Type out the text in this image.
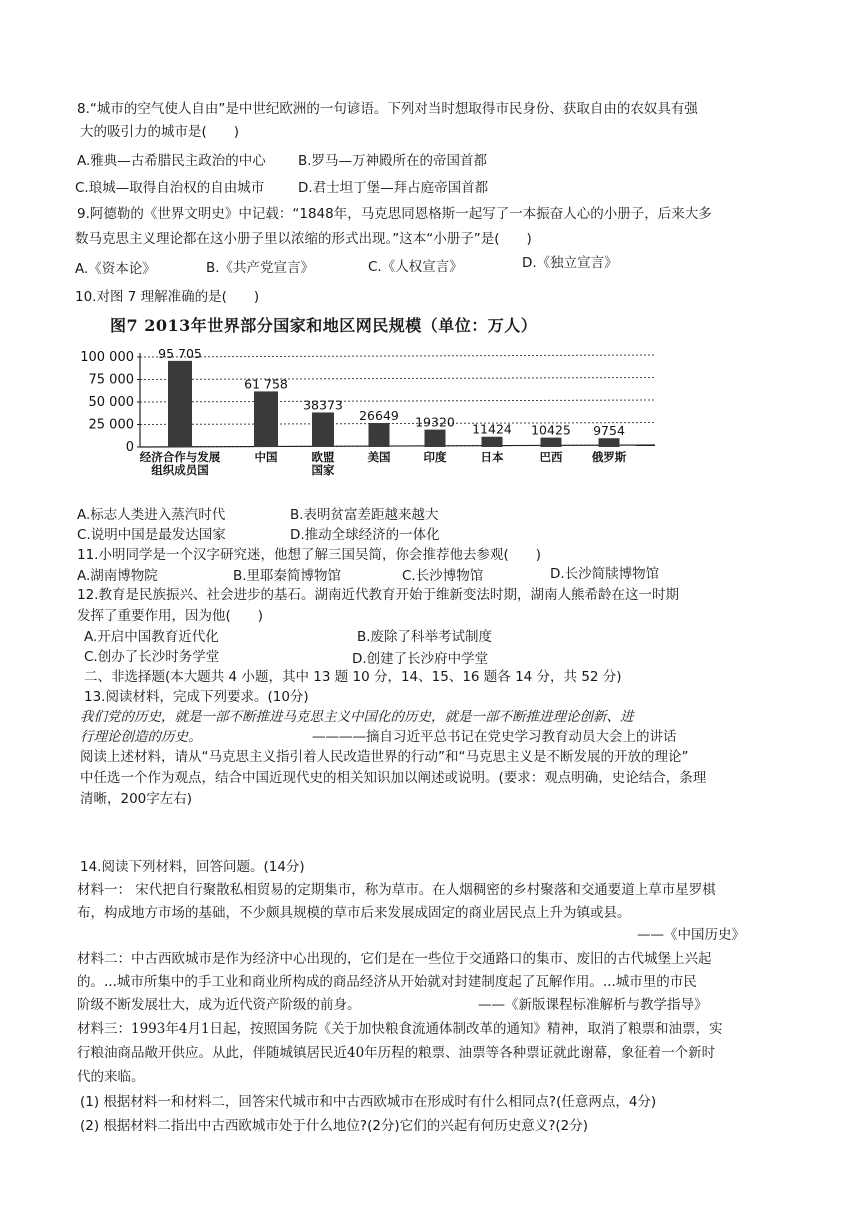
8.“城市的空气使人自由”是中世纪欧洲的一句谚语。下列对当时想取得市民身份、获取自由的农奴具有强
大的吸引力的城市是(　　)
A.雅典—古希腊民主政治的中心 B.罗马—万神殿所在的帝国首都
C.琅城—取得自治权的自由城市	D.君士坦丁堡—拜占庭帝国首都
9.阿德勒的《世界文明史》中记载：“1848年，马克思同恩格斯一起写了一本振奋人心的小册子，后来大多
数马克思主义理论都在这小册子里以浓缩的形式出现。”这本“小册子”是(　　)
A.《资本论》	B.《共产党宣言》	C.《人权宣言》	D.《独立宣言》
10.对图 7 理解准确的是(　　)
图7 2013年世界部分国家和地区网民规模（单位：万人）
100 000
75 000
50 000
25 000
0
95 705
经济合作与发展
组织成员国
61 758
中国
38373
欧盟
国家
26649
美国
19320
印度
11424
日本
10425
巴西
9754
俄罗斯
A.标志人类进入蒸汽时代	B.表明贫富差距越来越大
C.说明中国是最发达国家	D.推动全球经济的一体化
11.小明同学是一个汉字研究迷，他想了解三国吴简，你会推荐他去参观(　　)
A.湖南博物院	B.里耶秦简博物馆	C.长沙博物馆	D.长沙简牍博物馆
12.教育是民族振兴、社会进步的基石。湖南近代教育开始于维新变法时期，湖南人熊希龄在这一时期
发挥了重要作用，因为他(　　)
A.开启中国教育近代化	B.废除了科举考试制度
C.创办了长沙时务学堂	D.创建了长沙府中学堂
二、非选择题(本大题共 4 小题，其中 13 题 10 分，14、15、16 题各 14 分，共 52 分)
13.阅读材料，完成下列要求。(10分)
我们党的历史，就是一部不断推进马克思主义中国化的历史，就是一部不断推进理论创新、进
行理论创造的历史。	————摘自习近平总书记在党史学习教育动员大会上的讲话
阅读上述材料，请从“马克思主义指引着人民改造世界的行动”和“马克思主义是不断发展的开放的理论”
中任选一个作为观点，结合中国近现代史的相关知识加以阐述或说明。(要求：观点明确，史论结合，条理
清晰，200字左右)
14.阅读下列材料，回答问题。(14分)
材料一： 宋代把自行聚散私相贸易的定期集市，称为草市。在人烟稠密的乡村聚落和交通要道上草市星罗棋
布，构成地方市场的基础，不少颇具规模的草市后来发展成固定的商业居民点上升为镇或县。
——《中国历史》
材料二：中古西欧城市是作为经济中心出现的，它们是在一些位于交通路口的集市、废旧的古代城堡上兴起
的。...城市所集中的手工业和商业所构成的商品经济从开始就对封建制度起了瓦解作用。...城市里的市民
阶级不断发展壮大，成为近代资产阶级的前身。	——《新版课程标准解析与教学指导》
材料三：1993年4月1日起，按照国务院《关于加快粮食流通体制改革的通知》精神，取消了粮票和油票，实
行粮油商品敞开供应。从此，伴随城镇居民近40年历程的粮票、油票等各种票证就此谢幕，象征着一个新时
代的来临。
(1) 根据材料一和材料二，回答宋代城市和中古西欧城市在形成时有什么相同点?(任意两点，4分)
(2) 根据材料二指出中古西欧城市处于什么地位?(2分)它们的兴起有何历史意义?(2分)
